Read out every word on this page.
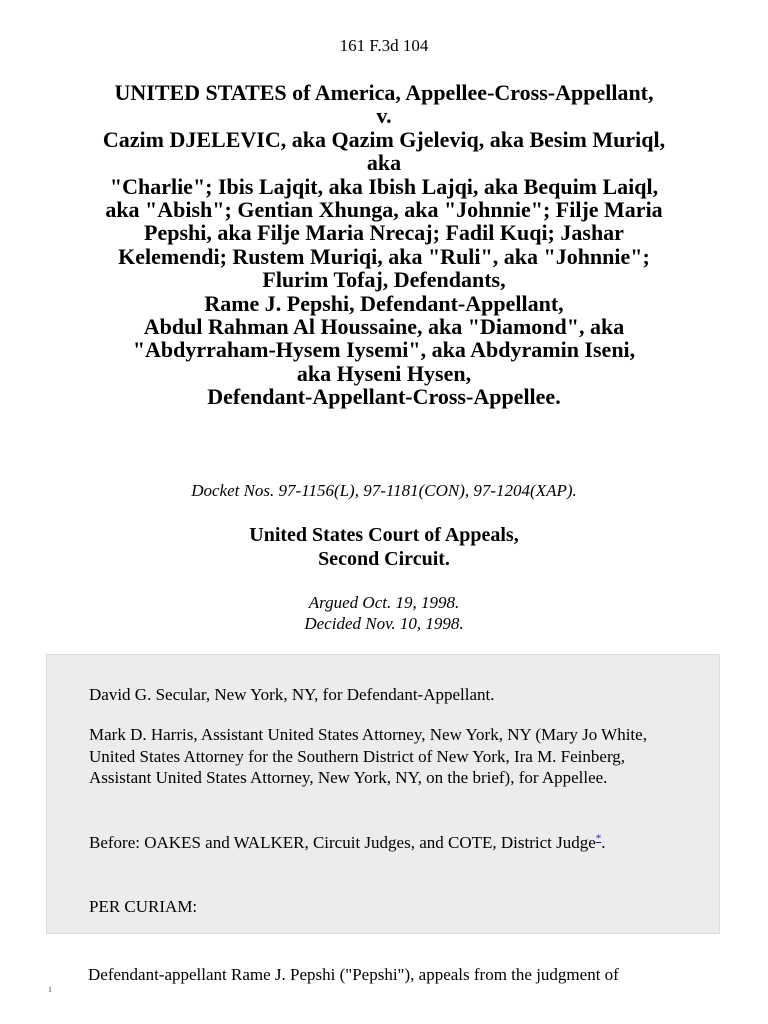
161 F.3d 104
UNITED STATES of America, Appellee-Cross-Appellant,
v.
Cazim DJELEVIC, aka Qazim Gjeleviq, aka Besim Muriql,
aka
"Charlie"; Ibis Lajqit, aka Ibish Lajqi, aka Bequim Laiql,
aka "Abish"; Gentian Xhunga, aka "Johnnie"; Filje Maria
Pepshi, aka Filje Maria Nrecaj; Fadil Kuqi; Jashar
Kelemendi; Rustem Muriqi, aka "Ruli", aka "Johnnie";
Flurim Tofaj, Defendants,
Rame J. Pepshi, Defendant-Appellant,
Abdul Rahman Al Houssaine, aka "Diamond", aka
"Abdyrraham-Hysem Iysemi", aka Abdyramin Iseni,
aka Hyseni Hysen,
Defendant-Appellant-Cross-Appellee.
Docket Nos. 97-1156(L), 97-1181(CON), 97-1204(XAP).
United States Court of Appeals,
Second Circuit.
Argued Oct. 19, 1998.
Decided Nov. 10, 1998.

David G. Secular, New York, NY, for Defendant-Appellant.

Mark D. Harris, Assistant United States Attorney, New York, NY (Mary Jo White, United States Attorney for the Southern District of New York, Ira M. Feinberg, Assistant United States Attorney, New York, NY, on the brief), for Appellee.

Before: OAKES and WALKER, Circuit Judges, and COTE, District Judge*.

PER CURIAM:

Defendant-appellant Rame J. Pepshi ("Pepshi"), appeals from the judgment of
1
